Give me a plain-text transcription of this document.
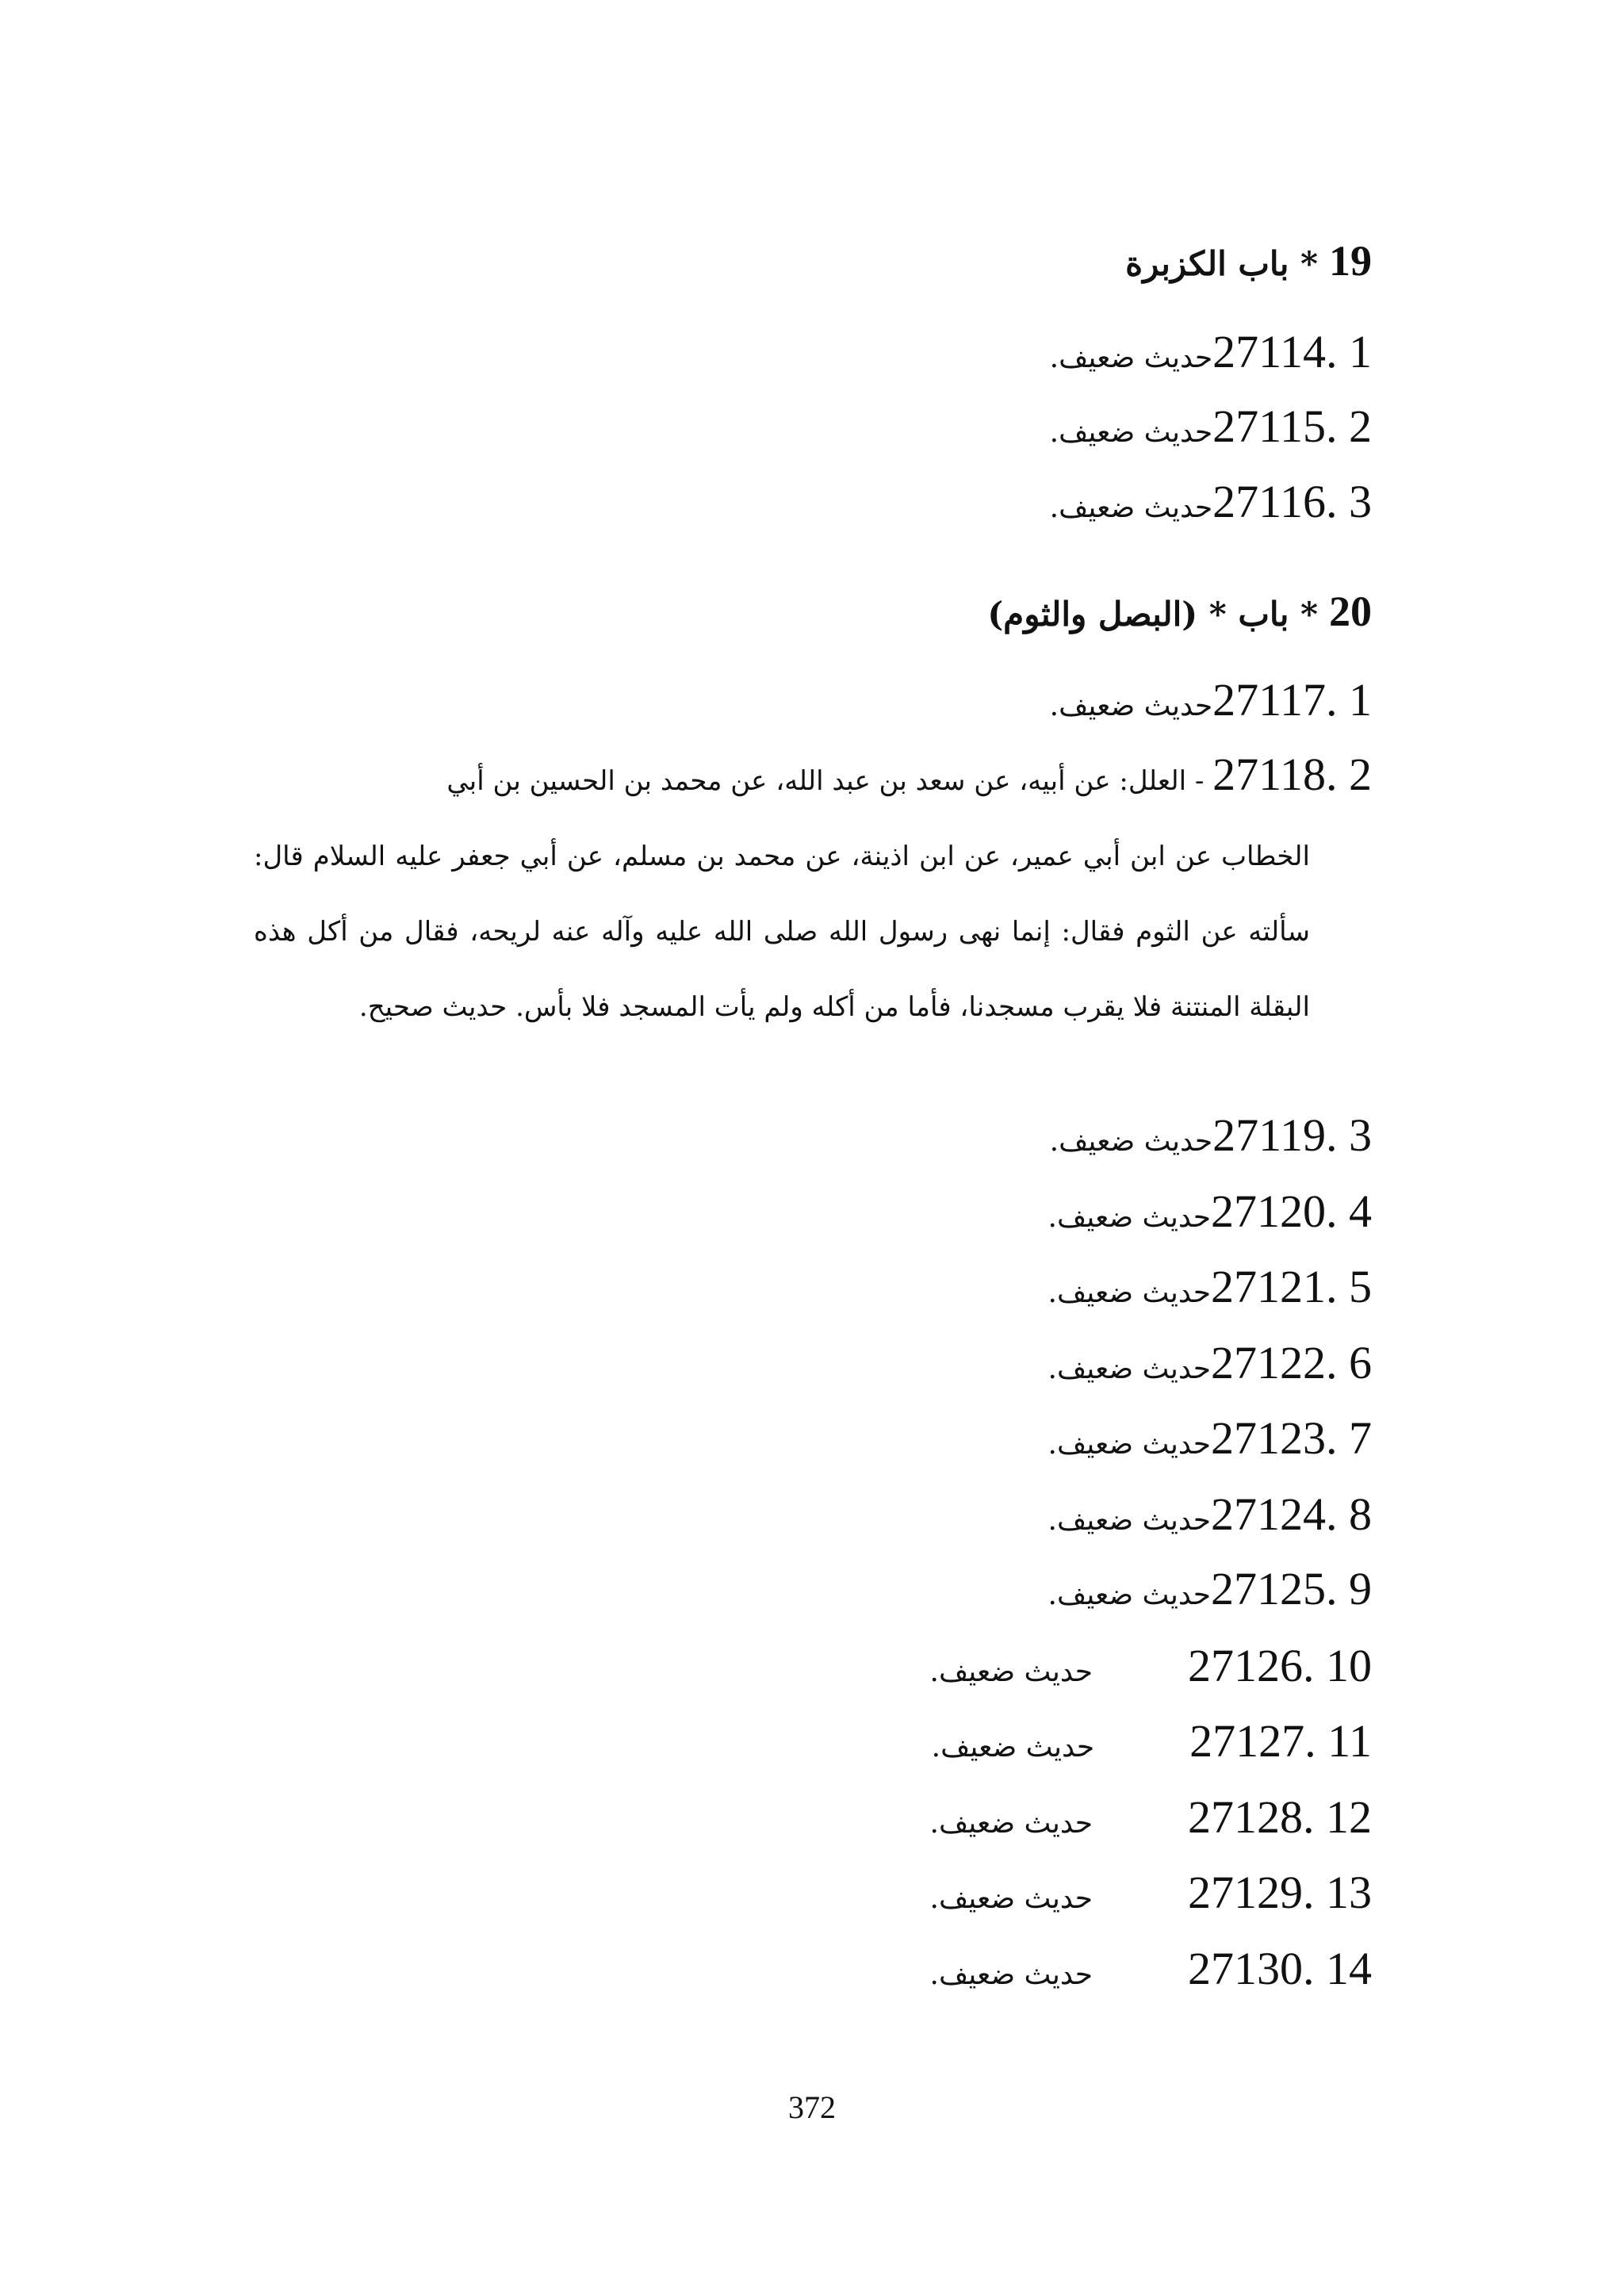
19* باب الكزبرة
27114. 1حديث ضعيف.
27115. 2حديث ضعيف.
27116. 3حديث ضعيف.
20* باب * (البصل والثوم)
27117. 1حديث ضعيف.
27118. 2 - العلل: عن أبيه، عن سعد بن عبد الله، عن محمد بن الحسين بن أبي
الخطاب عن ابن أبي عمير، عن ابن اذينة، عن محمد بن مسلم، عن أبي جعفر عليه السلام قال: سألته عن الثوم فقال: إنما نهى رسول الله صلى الله عليه وآله عنه لريحه، فقال من أكل هذه البقلة المنتنة فلا يقرب مسجدنا، فأما من أكله ولم يأت المسجد فلا بأس. حديث صحيح.
27119. 3حديث ضعيف.
27120. 4حديث ضعيف.
27121. 5حديث ضعيف.
27122. 6حديث ضعيف.
27123. 7حديث ضعيف.
27124. 8حديث ضعيف.
27125. 9حديث ضعيف.
27126. 10حديث ضعيف.
27127. 11حديث ضعيف.
27128. 12حديث ضعيف.
27129. 13حديث ضعيف.
27130. 14حديث ضعيف.
372
